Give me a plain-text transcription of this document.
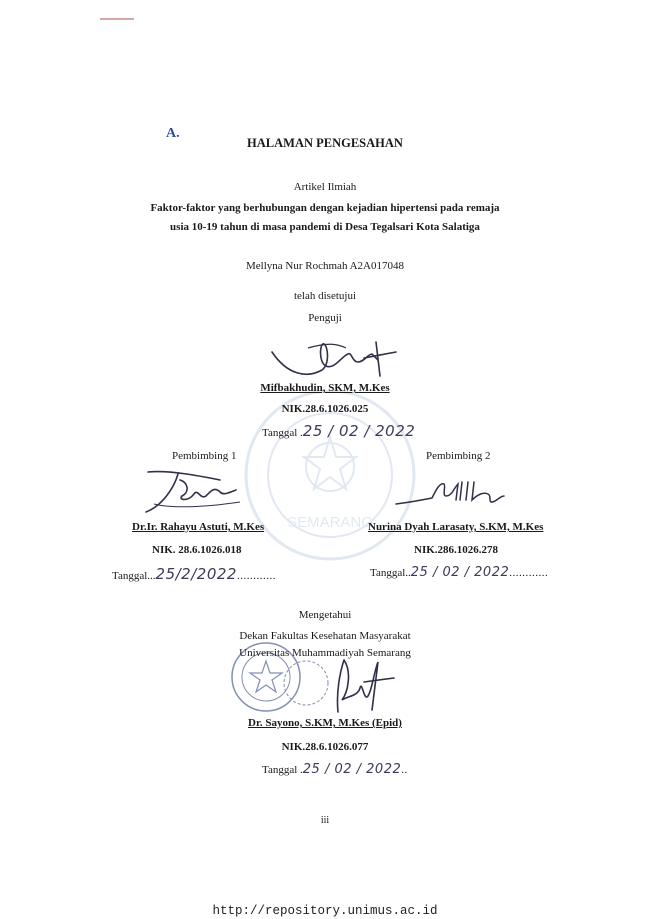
SEMARANG
A.
HALAMAN PENGESAHAN
Artikel Ilmiah
Faktor-faktor yang berhubungan dengan kejadian hipertensi pada remaja
usia 10-19 tahun di masa pandemi di Desa Tegalsari Kota Salatiga
Mellyna Nur Rochmah A2A017048
telah disetujui
Penguji
Mifbakhudin, SKM, M.Kes
NIK.28.6.1026.025
Tanggal .25 / 02 / 2022
Pembimbing 1
Dr.Ir. Rahayu Astuti, M.Kes
NIK. 28.6.1026.018
Tanggal...25/2/2022............
Pembimbing 2
Nurina Dyah Larasaty, S.KM, M.Kes
NIK.286.1026.278
Tanggal..25 / 02 / 2022............
Mengetahui
Dekan Fakultas Kesehatan Masyarakat
Universitas Muhammadiyah Semarang
Dr. Sayono, S.KM, M.Kes (Epid)
NIK.28.6.1026.077
Tanggal .25 / 02 / 2022..
iii
http://repository.unimus.ac.id
